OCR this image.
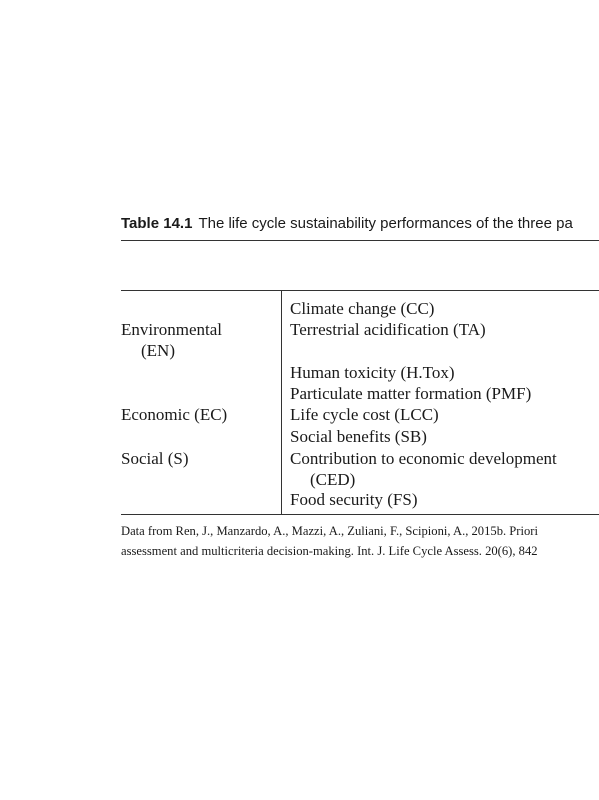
Table 14.1 The life cycle sustainability performances of the three pa
Environmental
(EN)
Economic (EC)
Social (S)
Climate change (CC)
Terrestrial acidification (TA)
Human toxicity (H.Tox)
Particulate matter formation (PMF)
Life cycle cost (LCC)
Social benefits (SB)
Contribution to economic development
(CED)
Food security (FS)
Data from Ren, J., Manzardo, A., Mazzi, A., Zuliani, F., Scipioni, A., 2015b. Priori
assessment and multicriteria decision-making. Int. J. Life Cycle Assess. 20(6), 842
